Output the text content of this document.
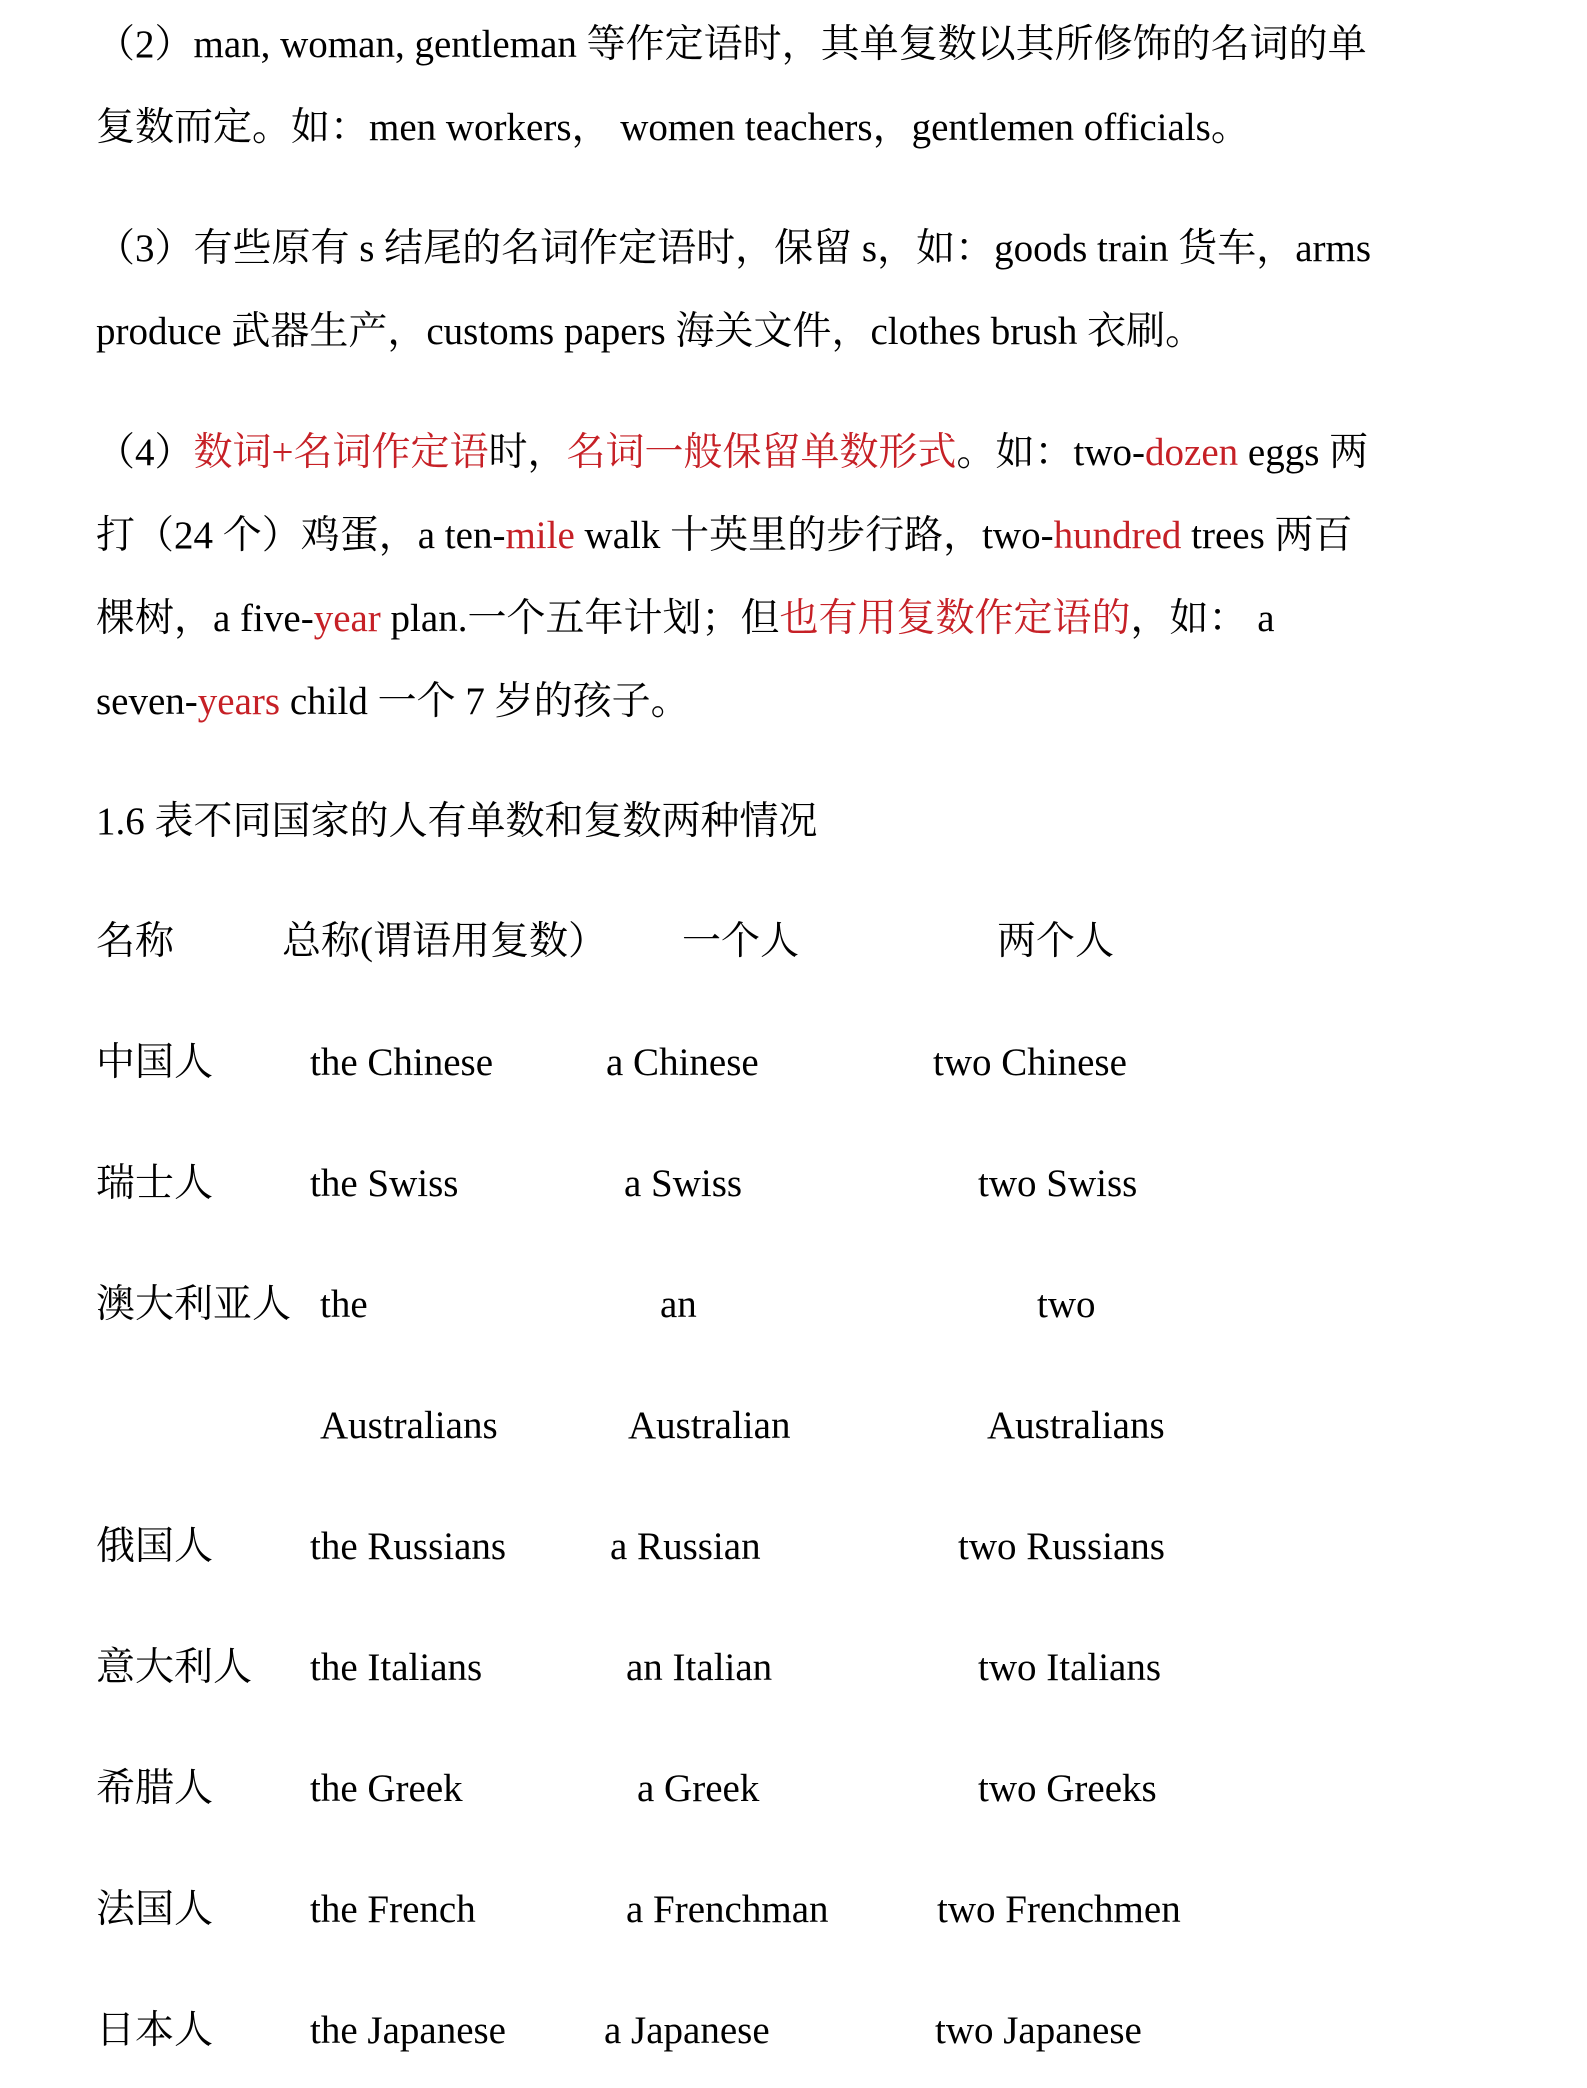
（2）man, woman, gentleman 等作定语时，其单复数以其所修饰的名词的单
复数而定。如：men workers， women teachers，gentlemen officials。
（3）有些原有 s 结尾的名词作定语时，保留 s，如：goods train 货车，arms
produce 武器生产，customs papers 海关文件，clothes brush 衣刷。
（4）数词+名词作定语时，名词一般保留单数形式。如：two-dozen eggs 两
打（24 个）鸡蛋，a ten-mile walk 十英里的步行路，two-hundred trees 两百
棵树，a five-year plan.一个五年计划；但也有用复数作定语的，如： a
seven-years child 一个 7 岁的孩子。
1.6 表不同国家的人有单数和复数两种情况
名称	总称(谓语用复数） 一个人	两个人
中国人 the Chinese	a Chinese	two Chinese
瑞士人 the Swiss	a Swiss	two Swiss
澳大利亚人 the	an	two
Australians	Australian	Australians
俄国人 the Russians	a Russian	two Russians
意大利人 the Italians	an Italian	two Italians
希腊人 the Greek	a Greek	two Greeks
法国人 the French	a Frenchman	two Frenchmen
日本人 the Japanese	a Japanese	two Japanese
